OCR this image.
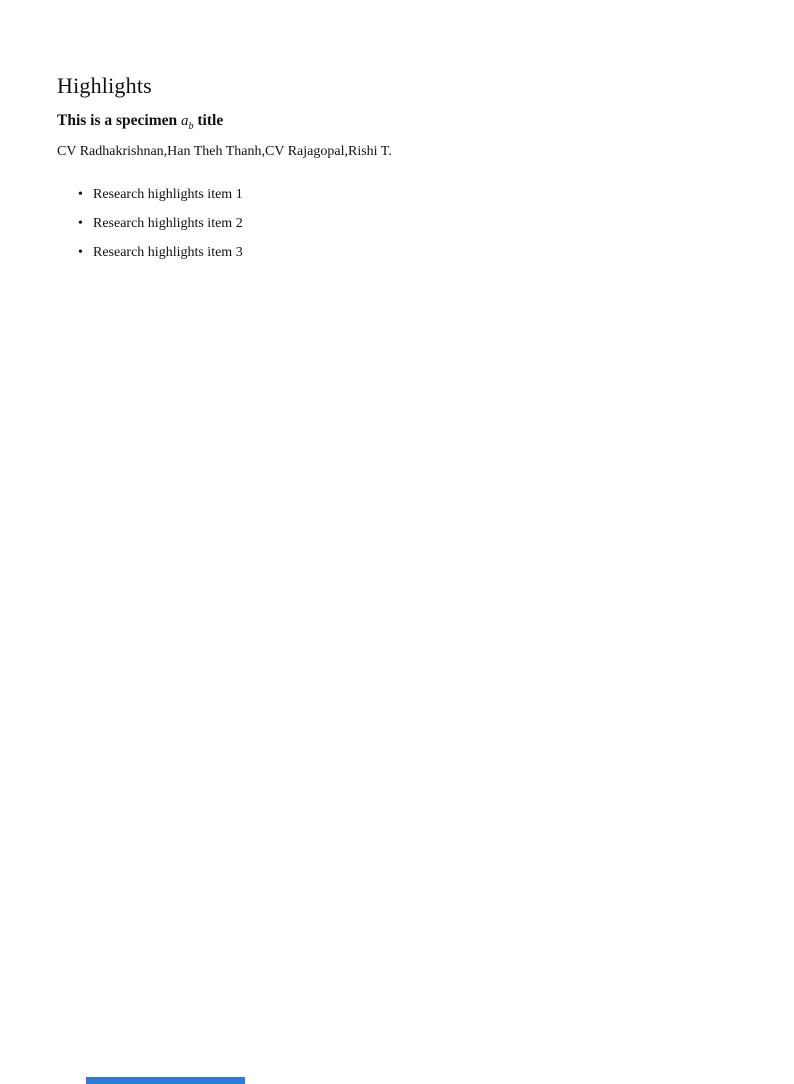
Highlights
This is a specimen $a_b$ title
CV Radhakrishnan,Han Theh Thanh,CV Rajagopal,Rishi T.
• Research highlights item 1
• Research highlights item 2
• Research highlights item 3
